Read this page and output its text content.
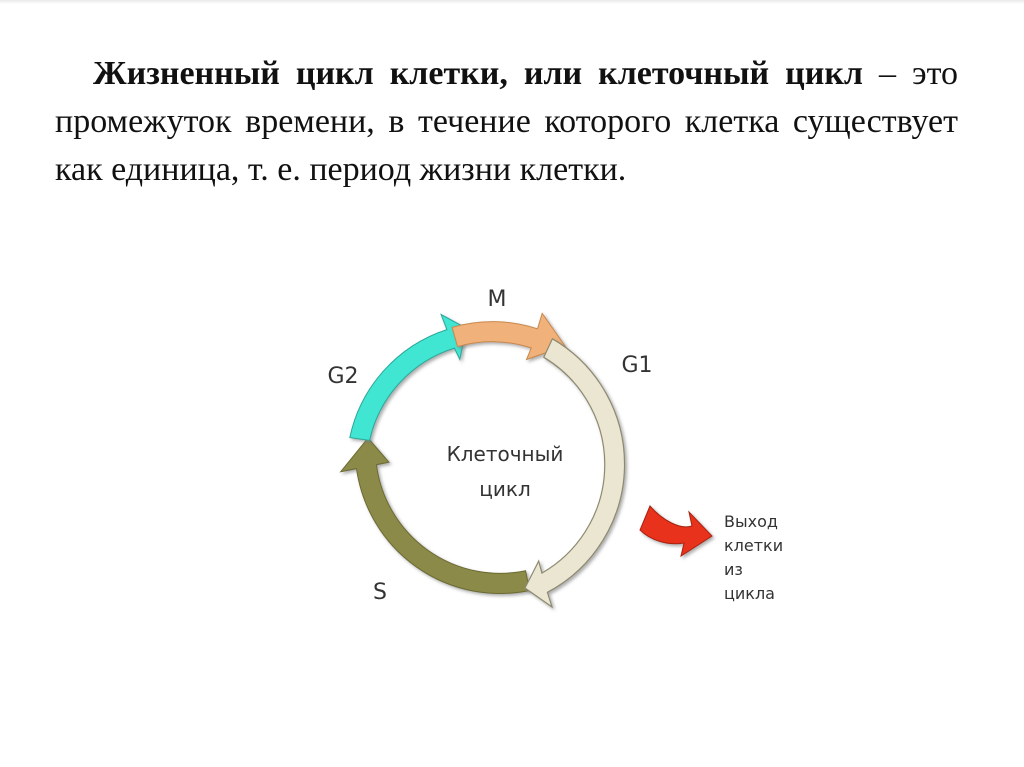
Жизненный цикл клетки, или клеточный цикл – это промежуток времени, в течение которого клетка существует как единица, т. е. период жизни клетки.

Клеточный
цикл
M
G1
G2
S
Выход
клетки
из
цикла
